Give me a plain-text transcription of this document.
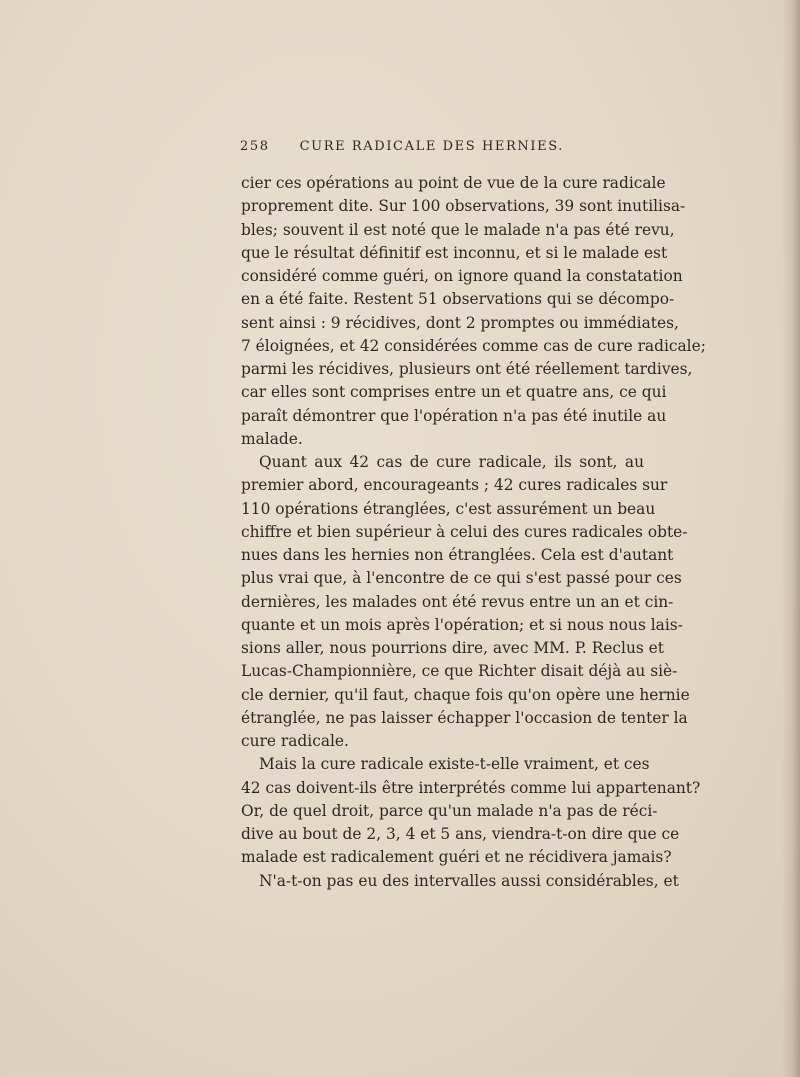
258 CURE RADICALE DES HERNIES.
cier ces opérations au point de vue de la cure radicale
proprement dite. Sur 100 observations, 39 sont inutilisa-
bles; souvent il est noté que le malade n'a pas été revu,
que le résultat définitif est inconnu, et si le malade est
considéré comme guéri, on ignore quand la constatation
en a été faite. Restent 51 observations qui se décompo-
sent ainsi : 9 récidives, dont 2 promptes ou immédiates,
7 éloignées, et 42 considérées comme cas de cure radicale;
parmi les récidives, plusieurs ont été réellement tardives,
car elles sont comprises entre un et quatre ans, ce qui
paraît démontrer que l'opération n'a pas été inutile au
malade.
Quant aux 42 cas de cure radicale, ils sont, au
premier abord, encourageants ; 42 cures radicales sur
110 opérations étranglées, c'est assurément un beau
chiffre et bien supérieur à celui des cures radicales obte-
nues dans les hernies non étranglées. Cela est d'autant
plus vrai que, à l'encontre de ce qui s'est passé pour ces
dernières, les malades ont été revus entre un an et cin-
quante et un mois après l'opération; et si nous nous lais-
sions aller, nous pourrions dire, avec MM. P. Reclus et
Lucas-Championnière, ce que Richter disait déjà au siè-
cle dernier, qu'il faut, chaque fois qu'on opère une hernie
étranglée, ne pas laisser échapper l'occasion de tenter la
cure radicale.
Mais la cure radicale existe-t-elle vraiment, et ces
42 cas doivent-ils être interprétés comme lui appartenant?
Or, de quel droit, parce qu'un malade n'a pas de réci-
dive au bout de 2, 3, 4 et 5 ans, viendra-t-on dire que ce
malade est radicalement guéri et ne récidivera jamais?
N'a-t-on pas eu des intervalles aussi considérables, et
